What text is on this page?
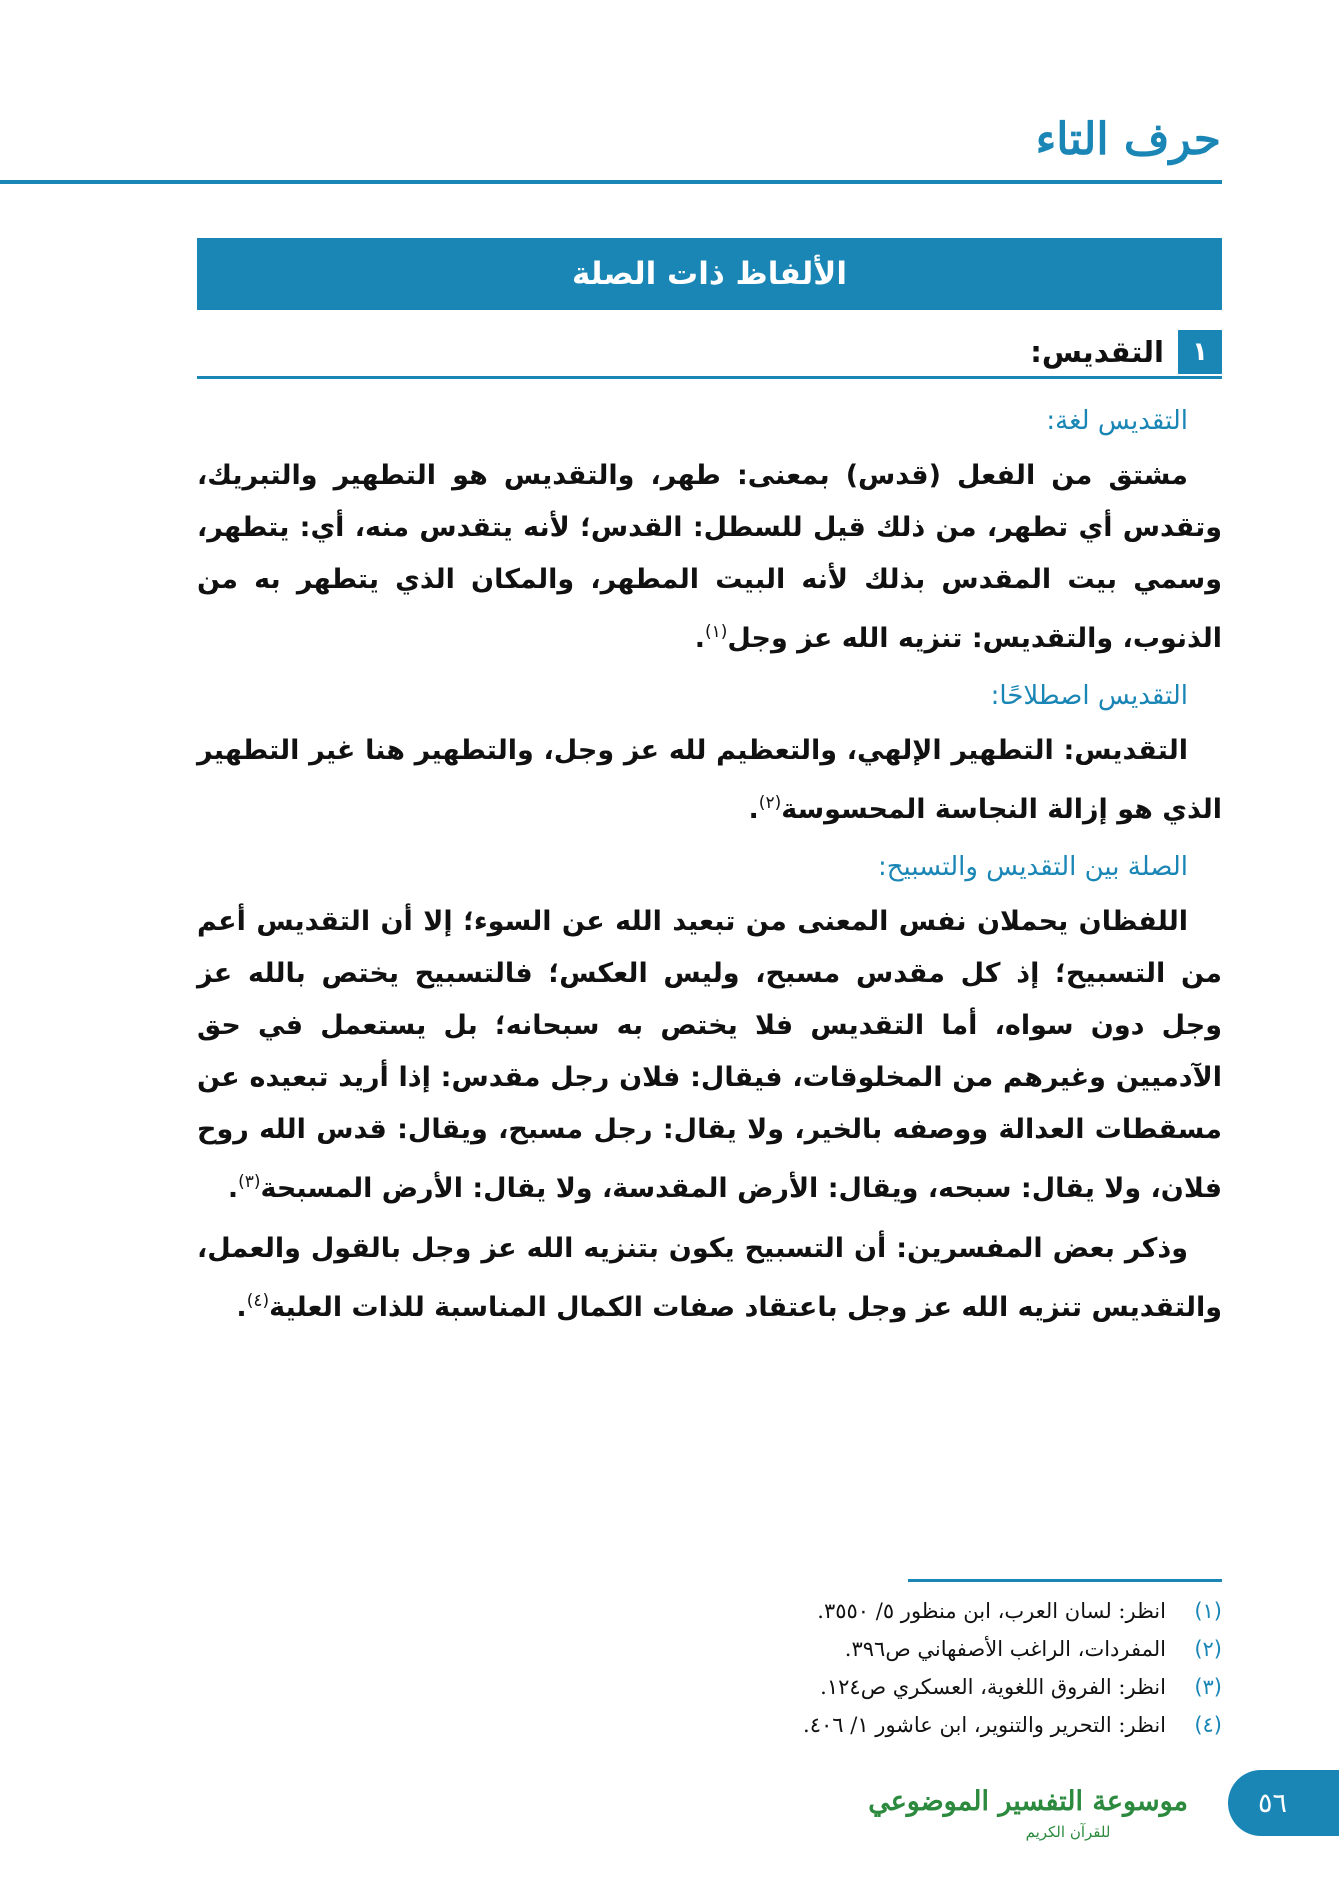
حرف التاء
الألفاظ ذات الصلة
١
التقديس:
التقديس لغة:

مشتق من الفعل (قدس) بمعنى: طهر، والتقديس هو التطهير والتبريك، وتقدس أي تطهر، من ذلك قيل للسطل: القدس؛ لأنه يتقدس منه، أي: يتطهر، وسمي بيت المقدس بذلك لأنه البيت المطهر، والمكان الذي يتطهر به من الذنوب، والتقديس: تنزيه الله عز وجل$^{(١)}$.

التقديس اصطلاحًا:

التقديس: التطهير الإلهي، والتعظيم لله عز وجل، والتطهير هنا غير التطهير الذي هو إزالة النجاسة المحسوسة$^{(٢)}$.

الصلة بين التقديس والتسبيح:

اللفظان يحملان نفس المعنى من تبعيد الله عن السوء؛ إلا أن التقديس أعم من التسبيح؛ إذ كل مقدس مسبح، وليس العكس؛ فالتسبيح يختص بالله عز وجل دون سواه، أما التقديس فلا يختص به سبحانه؛ بل يستعمل في حق الآدميين وغيرهم من المخلوقات، فيقال: فلان رجل مقدس: إذا أريد تبعيده عن مسقطات العدالة ووصفه بالخير، ولا يقال: رجل مسبح، ويقال: قدس الله روح فلان، ولا يقال: سبحه، ويقال: الأرض المقدسة، ولا يقال: الأرض المسبحة$^{(٣)}$.

وذكر بعض المفسرين: أن التسبيح يكون بتنزيه الله عز وجل بالقول والعمل، والتقديس تنزيه الله عز وجل باعتقاد صفات الكمال المناسبة للذات العلية$^{(٤)}$.

(١)
انظر: لسان العرب، ابن منظور ٥/ ٣٥٥٠.
(٢)
المفردات، الراغب الأصفهاني ص٣٩٦.
(٣)
انظر: الفروق اللغوية، العسكري ص١٢٤.
(٤)
انظر: التحرير والتنوير، ابن عاشور ١/ ٤٠٦.
موسوعة التفسير الموضوعي
للقرآن الكريم
٥٦
